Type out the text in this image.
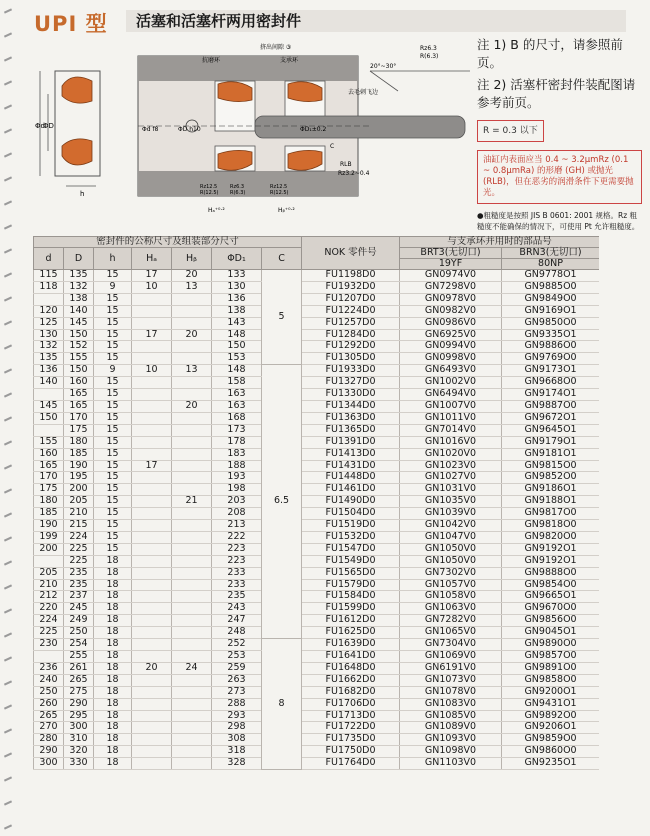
UPI 型	活塞和活塞杆两用密封件
Φd
ΦD
h
抗磨环
挤出间隙 ③
支承环
20°~30°
Rz6.3
R(6.3)
去毛刺飞边
RLB
Rz3.2~0.4
Φd f8	ΦD h10	ΦD₁±0.2
Hₐ⁺⁰·²	Hᵦ⁺⁰·²
C
Rz12.5
R(12.5)
Rz6.3
R(6.3)
Rz12.5
R(12.5)
注 1) B 的尺寸，请参照前页。
注 2) 活塞杆密封件装配图请参考前页。
R = 0.3 以下
油缸内表面应当 0.4 ~ 3.2μmRz (0.1 ~ 0.8μmRa) 的形磨 (GH) 或抛光 (RLB)，但在恶劣的润滑条件下更需要抛光。
●粗糙度是按照 JIS B 0601: 2001 规格。Rz 粗糙度不能确保的情况下，可使用 Pt 允许粗糙度。
密封件的公称尺寸及组装部分尺寸							NOK 零件号	与支承环并用时的部品号	
d	D	h	Hₐ	Hᵦ	ΦD₁	C		BRT3(无切口)	BRN3(无切口)
								19YF	80NP
115	135	15	17	20	133	5	FU1198D0	GN0974V0	GN9778O1
118	132	9	10	13	130		FU1932D0	GN7298V0	GN9885O0
	138	15			136		FU1207D0	GN0978V0	GN9849O0
120	140	15			138		FU1224D0	GN0982V0	GN9169O1
125	145	15			143		FU1257D0	GN0986V0	GN9850O0
130	150	15	17	20	148		FU1284D0	GN6925V0	GN9335O1
132	152	15			150		FU1292D0	GN0994V0	GN9886O0
135	155	15			153		FU1305D0	GN0998V0	GN9769O0
136	150	9	10	13	148	6.5	FU1933D0	GN6493V0	GN9173O1
140	160	15			158		FU1327D0	GN1002V0	GN9668O0
	165	15			163		FU1330D0	GN6494V0	GN9174O1
145	165	15		20	163		FU1344D0	GN1007V0	GN9887O0
150	170	15			168		FU1363D0	GN1011V0	GN9672O1
	175	15			173		FU1365D0	GN7014V0	GN9645O1
155	180	15			178		FU1391D0	GN1016V0	GN9179O1
160	185	15			183		FU1413D0	GN1020V0	GN9181O1
165	190	15	17		188		FU1431D0	GN1023V0	GN9815O0
170	195	15			193		FU1448D0	GN1027V0	GN9852O0
175	200	15			198		FU1461D0	GN1031V0	GN9186O1
180	205	15		21	203		FU1490D0	GN1035V0	GN9188O1
185	210	15			208		FU1504D0	GN1039V0	GN9817O0
190	215	15			213		FU1519D0	GN1042V0	GN9818O0
199	224	15			222		FU1532D0	GN1047V0	GN9820O0
200	225	15			223		FU1547D0	GN1050V0	GN9192O1
	225	18			223		FU1549D0	GN1050V0	GN9192O1
205	235	18			233		FU1565D0	GN7302V0	GN9888O0
210	235	18			233		FU1579D0	GN1057V0	GN9854O0
212	237	18			235		FU1584D0	GN1058V0	GN9665O1
220	245	18			243		FU1599D0	GN1063V0	GN9670O0
224	249	18			247		FU1612D0	GN7282V0	GN9856O0
225	250	18			248		FU1625D0	GN1065V0	GN9045O1
230	254	18			252	8	FU1639D0	GN7304V0	GN9890O0
	255	18			253		FU1641D0	GN1069V0	GN9857O0
236	261	18	20	24	259		FU1648D0	GN6191V0	GN9891O0
240	265	18			263		FU1662D0	GN1073V0	GN9858O0
250	275	18			273		FU1682D0	GN1078V0	GN9200O1
260	290	18			288		FU1706D0	GN1083V0	GN9431O1
265	295	18			293		FU1713D0	GN1085V0	GN9892O0
270	300	18			298		FU1722D0	GN1089V0	GN9206O1
280	310	18			308		FU1735D0	GN1093V0	GN9859O0
290	320	18			318		FU1750D0	GN1098V0	GN9860O0
300	330	18			328		FU1764D0	GN1103V0	GN9235O1
